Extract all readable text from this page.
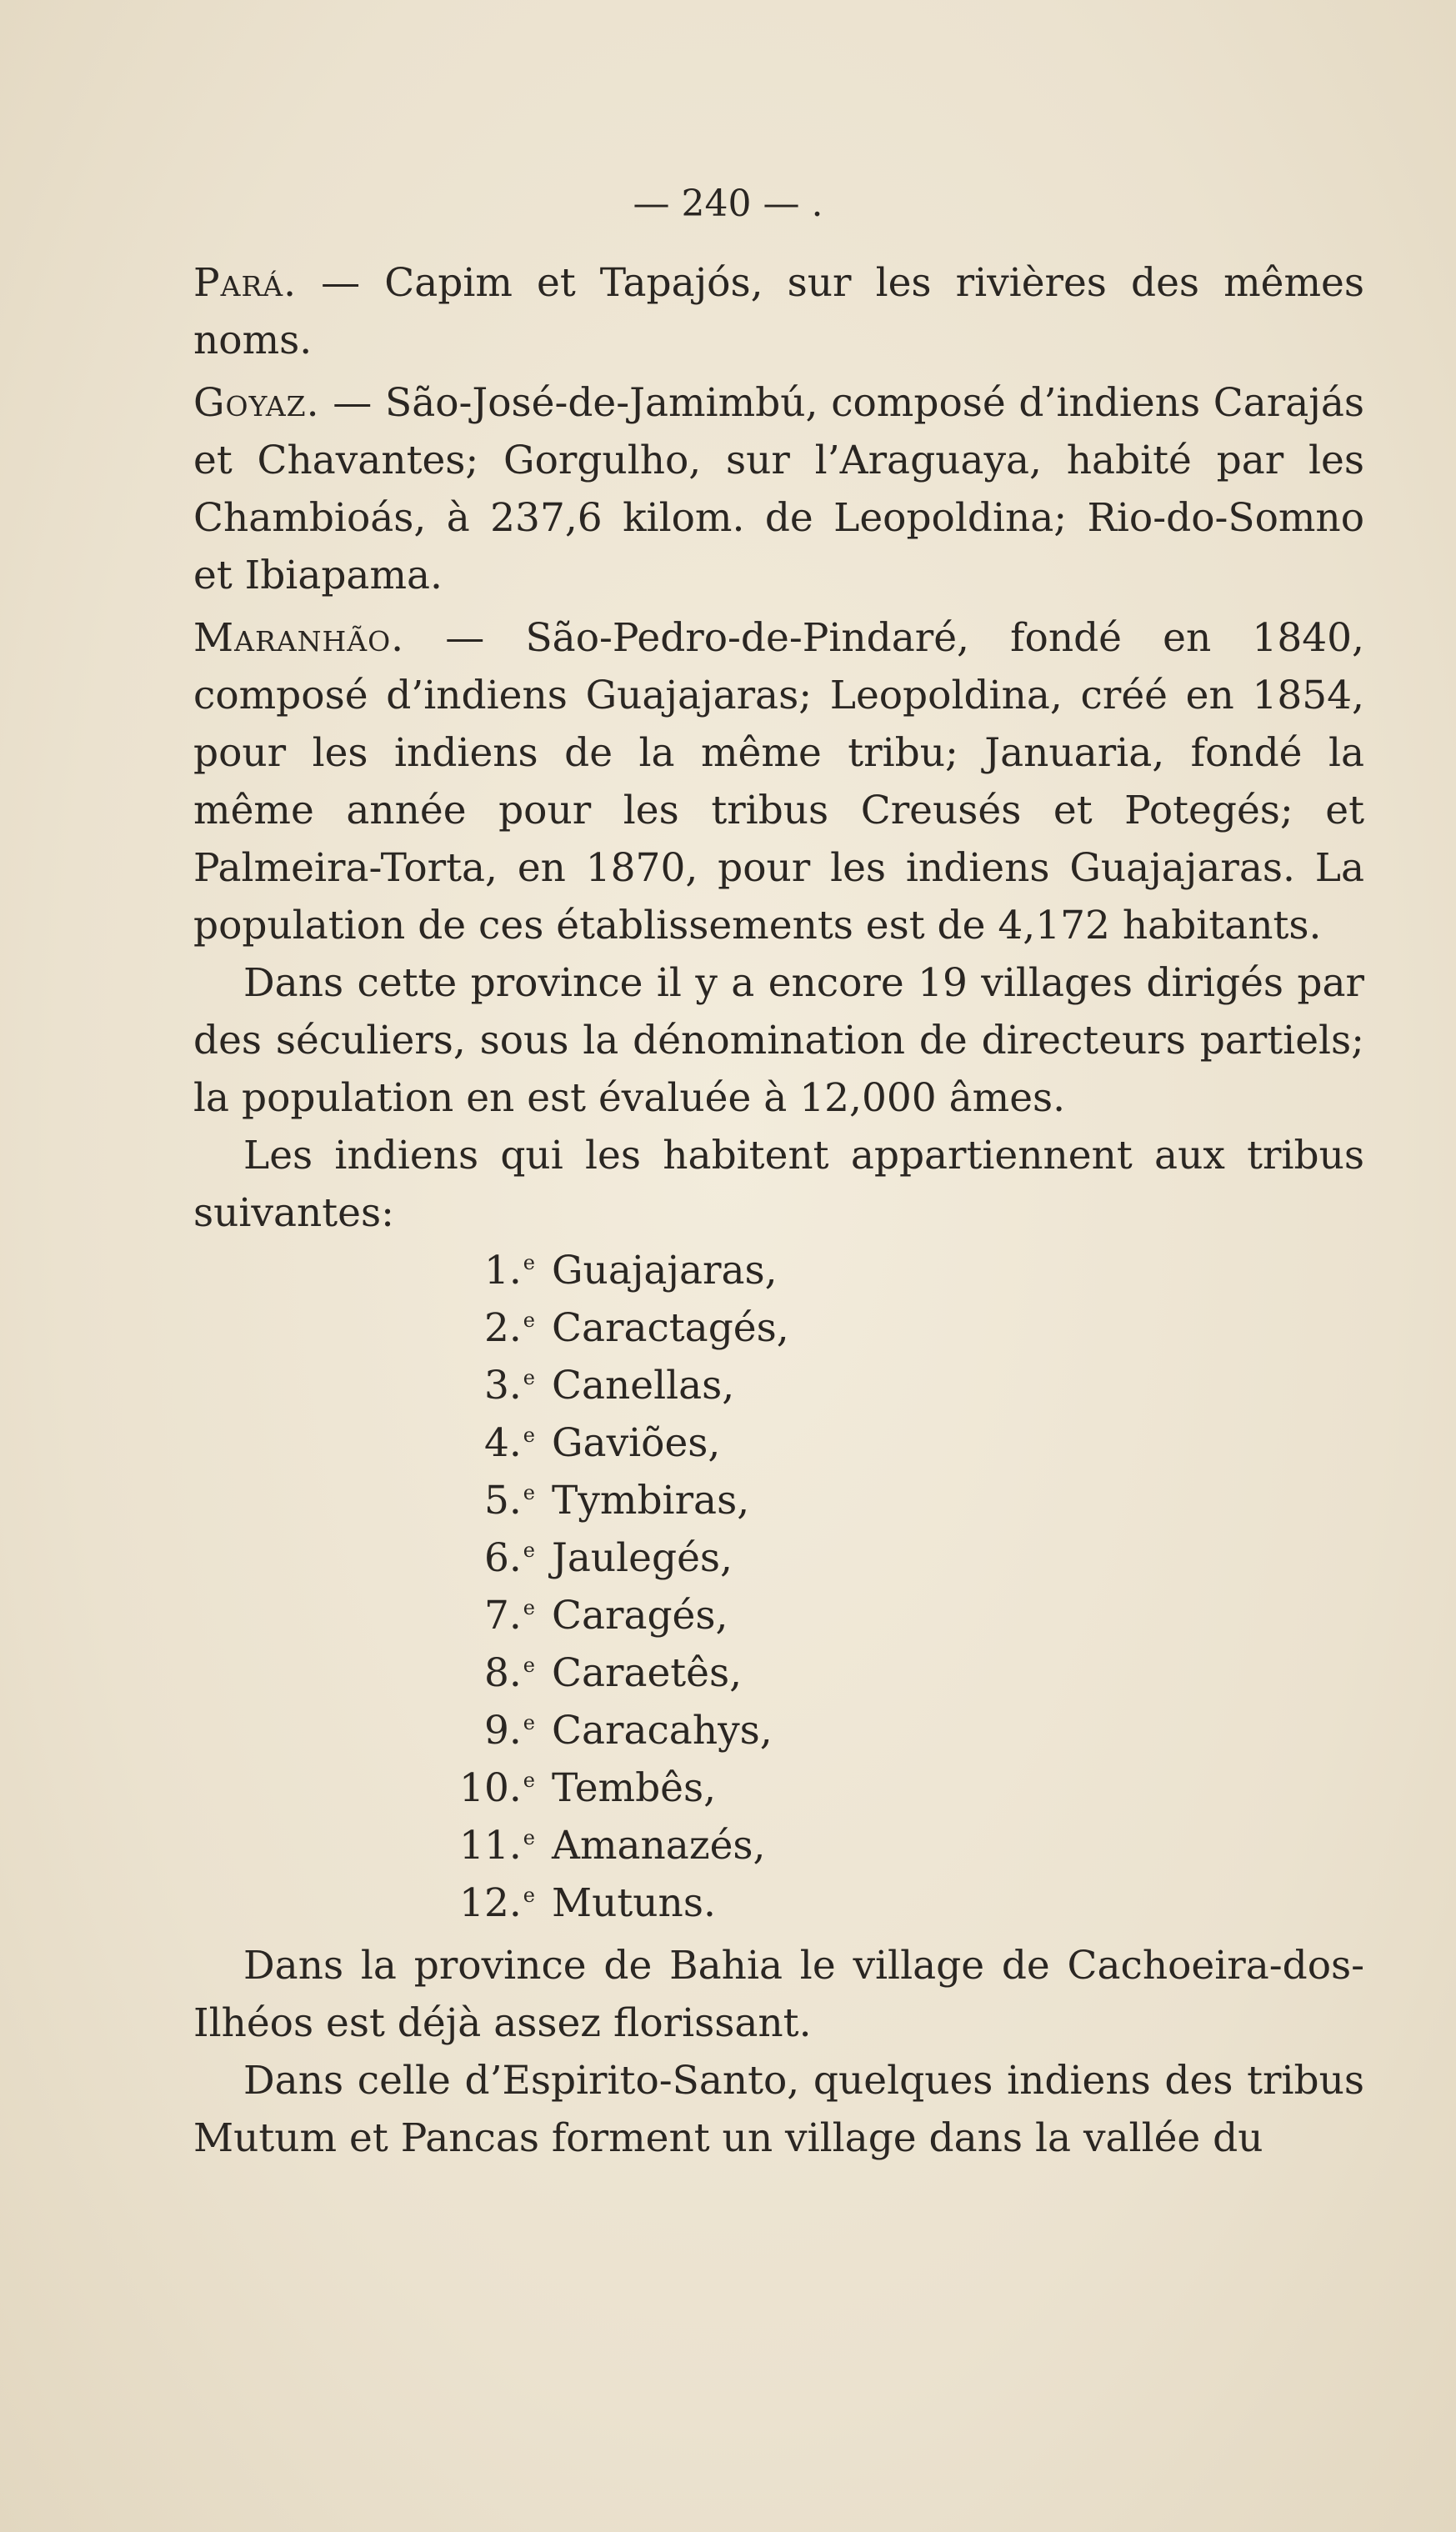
— 240 — .

Pará. — Capim et Tapajós, sur les rivières des mêmes noms.

Goyaz. — São-José-de-Jamimbú, composé d’indiens Carajás et Chavantes; Gorgulho, sur l’Araguaya, habité par les Chambioás, à 237,6 kilom. de Leopoldina; Rio-do-Somno et Ibiapama.

Maranhão. — São-Pedro-de-Pindaré, fondé en 1840, composé d’indiens Guajajaras; Leopoldina, créé en 1854, pour les indiens de la même tribu; Januaria, fondé la même année pour les tribus Creusés et Potegés; et Palmeira-Torta, en 1870, pour les indiens Guajajaras. La population de ces établissements est de 4,172 habitants.

Dans cette province il y a encore 19 villages dirigés par des séculiers, sous la dénomination de directeurs partiels; la population en est évaluée à 12,000 âmes.

Les indiens qui les habitent appartiennent aux tribus suivantes:

1.$^e$ Guajajaras,
2.$^e$ Caractagés,
3.$^e$ Canellas,
4.$^e$ Gaviões,
5.$^e$ Tymbiras,
6.$^e$ Jaulegés,
7.$^e$ Caragés,
8.$^e$ Caraetês,
9.$^e$ Caracahys,
10.$^e$ Tembês,
11.$^e$ Amanazés,
12.$^e$ Mutuns.

Dans la province de Bahia le village de Cachoeira-dos-Ilhéos est déjà assez florissant.

Dans celle d’Espirito-Santo, quelques indiens des tribus Mutum et Pancas forment un village dans la vallée du
